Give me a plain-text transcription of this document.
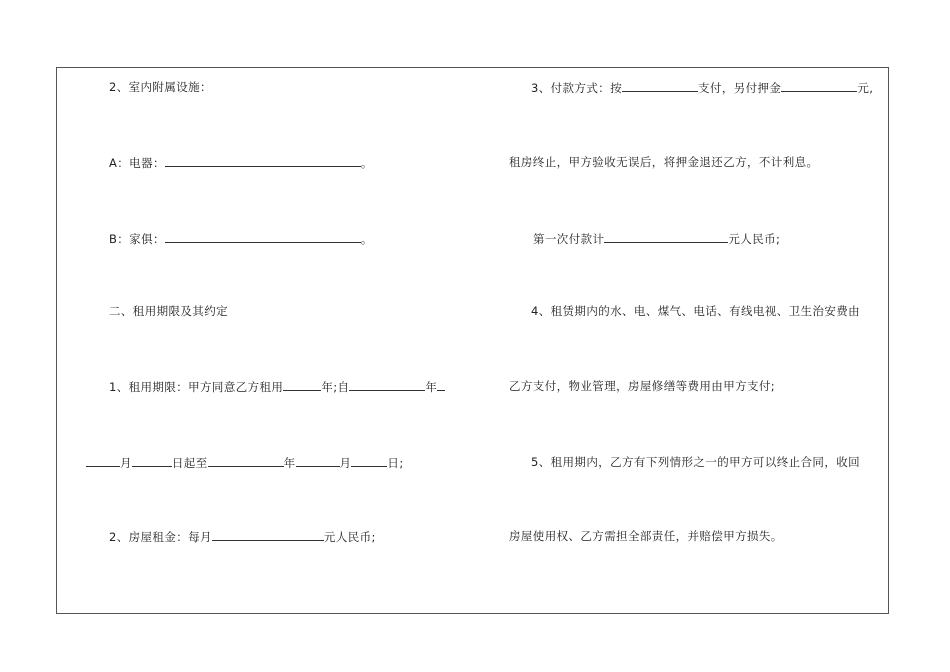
2、室内附属设施：
A：电器：	。
B：家俱：	。
二、租用期限及其约定
1、租用期限：甲方同意乙方租用	年;自	年
月	日起至	年	月	日;
2、房屋租金：每月	元人民币;
3、付款方式：按	支付，另付押金	元,
租房终止，甲方验收无误后，将押金退还乙方，不计利息。
第一次付款计	元人民币;
4、租赁期内的水、电、煤气、电话、有线电视、卫生治安费由
乙方支付，物业管理，房屋修缮等费用由甲方支付;
5、租用期内，乙方有下列情形之一的甲方可以终止合同，收回
房屋使用权、乙方需担全部责任，并赔偿甲方损失。
